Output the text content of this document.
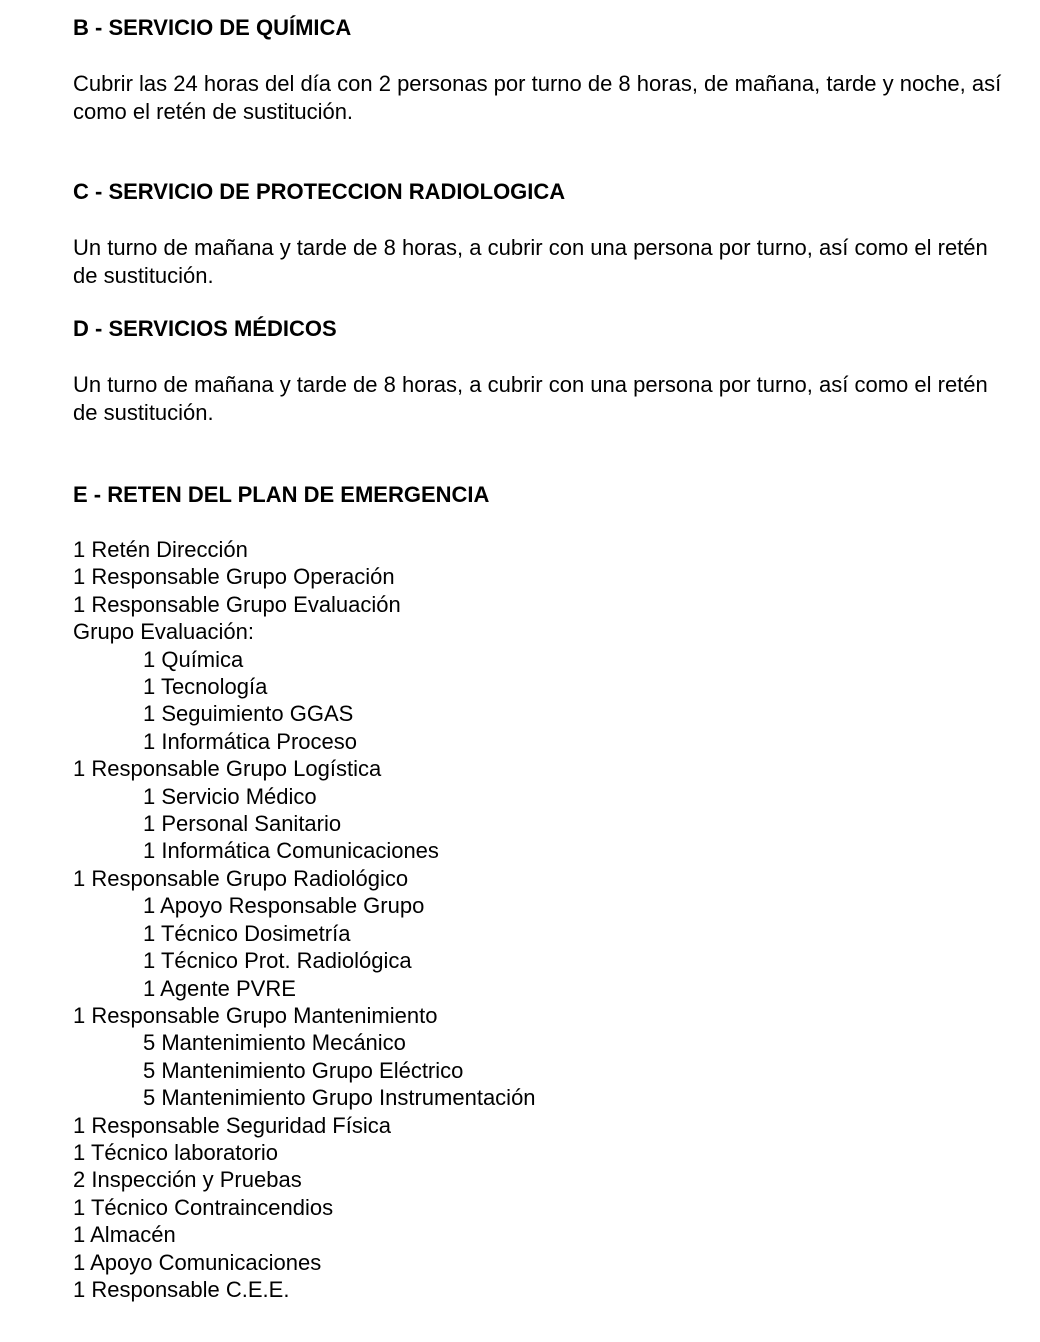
B - SERVICIO DE QUÍMICA

Cubrir las 24 horas del día con 2 personas por turno de 8 horas, de mañana, tarde y noche, así como el retén de sustitución.

C - SERVICIO DE PROTECCION RADIOLOGICA

Un turno de mañana y tarde de 8 horas, a cubrir con una persona por turno, así como el retén de sustitución.

D - SERVICIOS MÉDICOS

Un turno de mañana y tarde de 8 horas, a cubrir con una persona por turno, así como el retén de sustitución.

E - RETEN DEL PLAN DE EMERGENCIA
1 Retén Dirección
1 Responsable Grupo Operación
1 Responsable Grupo Evaluación
Grupo Evaluación:
1 Química
1 Tecnología
1 Seguimiento GGAS
1 Informática Proceso
1 Responsable Grupo Logística
1 Servicio Médico
1 Personal Sanitario
1 Informática Comunicaciones
1 Responsable Grupo Radiológico
1 Apoyo Responsable Grupo
1 Técnico Dosimetría
1 Técnico Prot. Radiológica
1 Agente PVRE
1 Responsable Grupo Mantenimiento
5 Mantenimiento Mecánico
5 Mantenimiento Grupo Eléctrico
5 Mantenimiento Grupo Instrumentación
1 Responsable Seguridad Física
1 Técnico laboratorio
2 Inspección y Pruebas
1 Técnico Contraincendios
1 Almacén
1 Apoyo Comunicaciones
1 Responsable C.E.E.
